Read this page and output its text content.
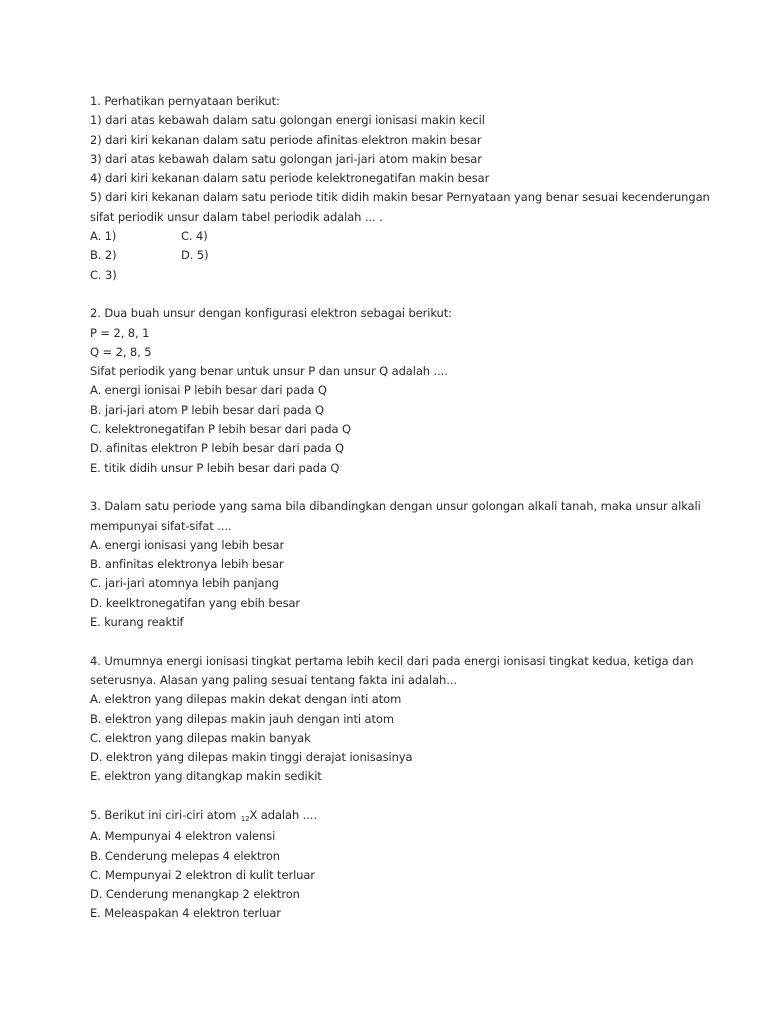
1. Perhatikan pernyataan berikut:
1) dari atas kebawah dalam satu golongan energi ionisasi makin kecil
2) dari kiri kekanan dalam satu periode afinitas elektron makin besar
3) dari atas kebawah dalam satu golongan jari-jari atom makin besar
4) dari kiri kekanan dalam satu periode kelektronegatifan makin besar
5) dari kiri kekanan dalam satu periode titik didih makin besar Pernyataan yang benar sesuai kecenderungan
sifat periodik unsur dalam tabel periodik adalah ... .
A. 1)	C. 4)
B. 2)	D. 5)
C. 3)
2. Dua buah unsur dengan konfigurasi elektron sebagai berikut:
P = 2, 8, 1
Q = 2, 8, 5
Sifat periodik yang benar untuk unsur P dan unsur Q adalah ....
A. energi ionisai P lebih besar dari pada Q
B. jari-jari atom P lebih besar dari pada Q
C. kelektronegatifan P lebih besar dari pada Q
D. afinitas elektron P lebih besar dari pada Q
E. titik didih unsur P lebih besar dari pada Q
3. Dalam satu periode yang sama bila dibandingkan dengan unsur golongan alkali tanah, maka unsur alkali
mempunyai sifat-sifat ....
A. energi ionisasi yang lebih besar
B. anfinitas elektronya lebih besar
C. jari-jari atomnya lebih panjang
D. keelktronegatifan yang ebih besar
E. kurang reaktif
4. Umumnya energi ionisasi tingkat pertama lebih kecil dari pada energi ionisasi tingkat kedua, ketiga dan
seterusnya. Alasan yang paling sesuai tentang fakta ini adalah...
A. elektron yang dilepas makin dekat dengan inti atom
B. elektron yang dilepas makin jauh dengan inti atom
C. elektron yang dilepas makin banyak
D. elektron yang dilepas makin tinggi derajat ionisasinya
E. elektron yang ditangkap makin sedikit
5. Berikut ini ciri-ciri atom $_{12}$X adalah ....
A. Mempunyai 4 elektron valensi
B. Cenderung melepas 4 elektron
C. Mempunyai 2 elektron di kulit terluar
D. Cenderung menangkap 2 elektron
E. Meleaspakan 4 elektron terluar
